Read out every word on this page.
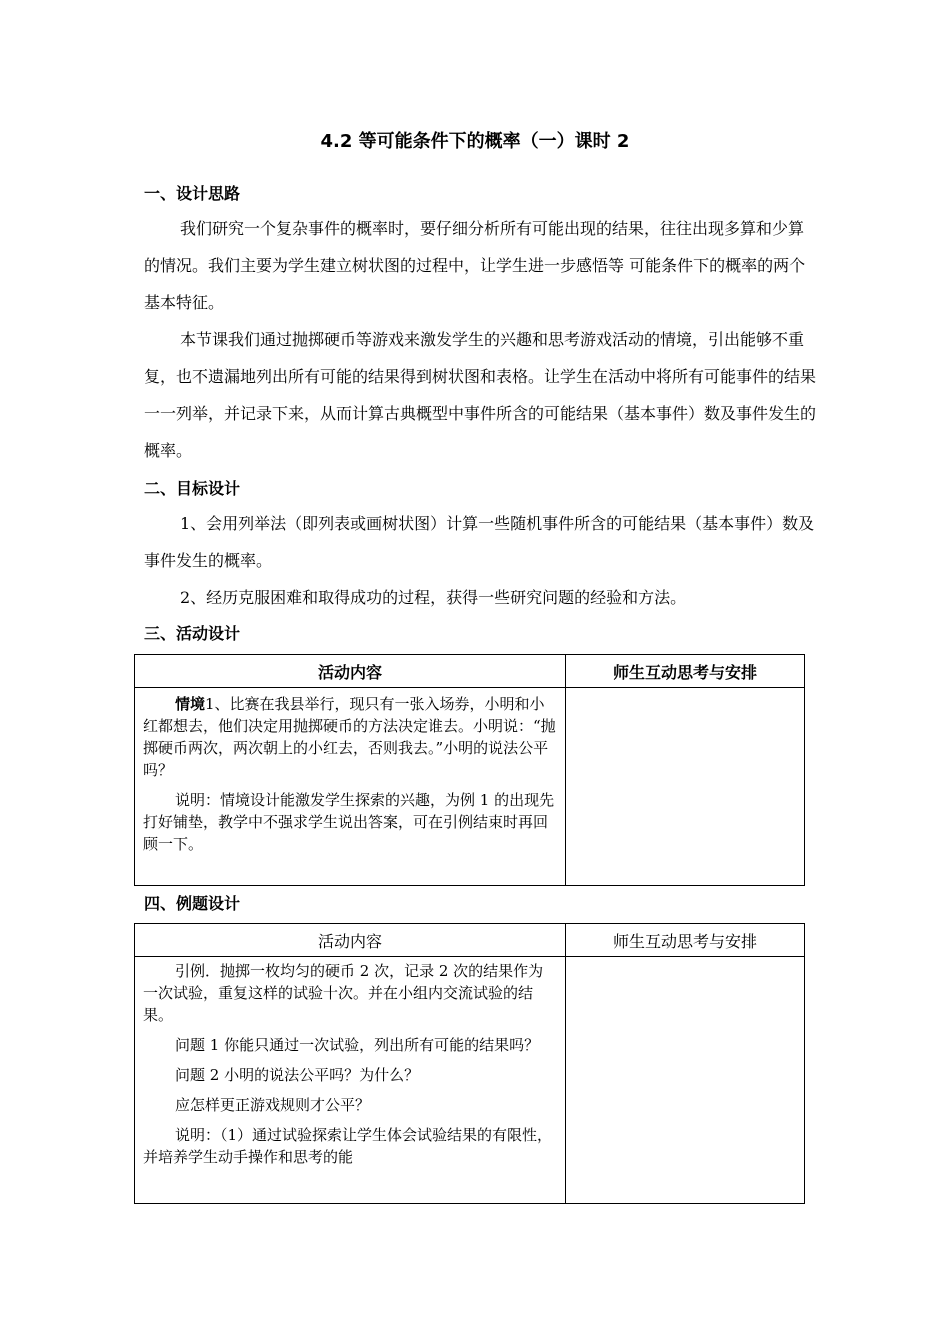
4.2 等可能条件下的概率（一）课时 2
一、设计思路

我们研究一个复杂事件的概率时，要仔细分析所有可能出现的结果，往往出现多算和少算的情况。我们主要为学生建立树状图的过程中，让学生进一步感悟等 可能条件下的概率的两个基本特征。

本节课我们通过抛掷硬币等游戏来激发学生的兴趣和思考游戏活动的情境，引出能够不重复，也不遗漏地列出所有可能的结果得到树状图和表格。让学生在活动中将所有可能事件的结果一一列举，并记录下来，从而计算古典概型中事件所含的可能结果（基本事件）数及事件发生的概率。

二、目标设计

1、会用列举法（即列表或画树状图）计算一些随机事件所含的可能结果（基本事件）数及事件发生的概率。

2、经历克服困难和取得成功的过程，获得一些研究问题的经验和方法。

三、活动设计
活动内容	师生互动思考与安排

情境1、比赛在我县举行，现只有一张入场券，小明和小红都想去，他们决定用抛掷硬币的方法决定谁去。小明说：“抛掷硬币两次，两次朝上的小红去，否则我去。”小明的说法公平吗？

说明：情境设计能激发学生探索的兴趣，为例 1 的出现先打好铺垫，教学中不强求学生说出答案，可在引例结束时再回顾一下。	

四、例题设计
活动内容	师生互动思考与安排

引例．抛掷一枚均匀的硬币 2 次，记录 2 次的结果作为一次试验，重复这样的试验十次。并在小组内交流试验的结果。

问题 1 你能只通过一次试验，列出所有可能的结果吗？

问题 2 小明的说法公平吗？为什么？

应怎样更正游戏规则才公平？

说明：（1）通过试验探索让学生体会试验结果的有限性，并培养学生动手操作和思考的能	
